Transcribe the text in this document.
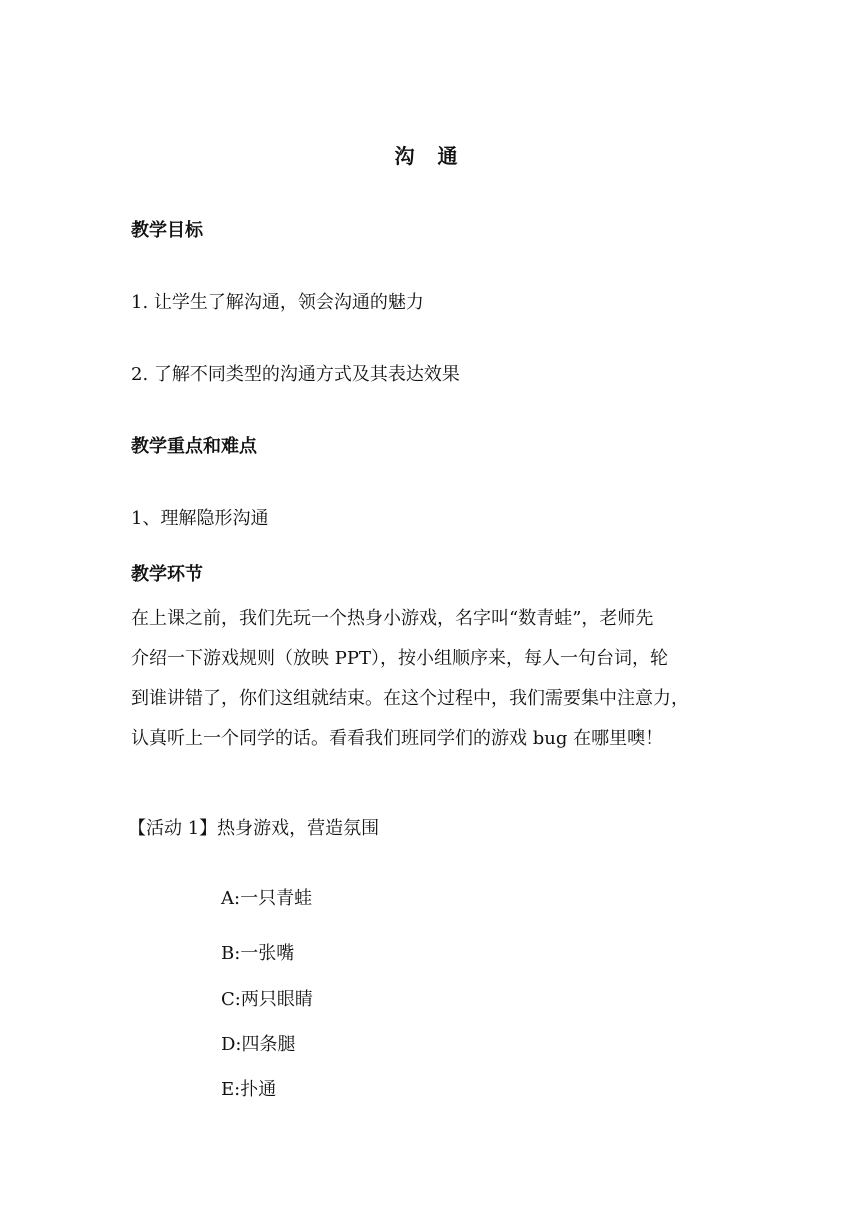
沟 通
教学目标
1. 让学生了解沟通，领会沟通的魅力
2. 了解不同类型的沟通方式及其表达效果
教学重点和难点
1、理解隐形沟通
教学环节
在上课之前，我们先玩一个热身小游戏，名字叫“数青蛙”，老师先
介绍一下游戏规则（放映 PPT），按小组顺序来，每人一句台词，轮
到谁讲错了，你们这组就结束。在这个过程中，我们需要集中注意力，
认真听上一个同学的话。看看我们班同学们的游戏 bug 在哪里噢！
【活动 1】热身游戏，营造氛围
A:一只青蛙
B:一张嘴
C:两只眼睛
D:四条腿
E:扑通
